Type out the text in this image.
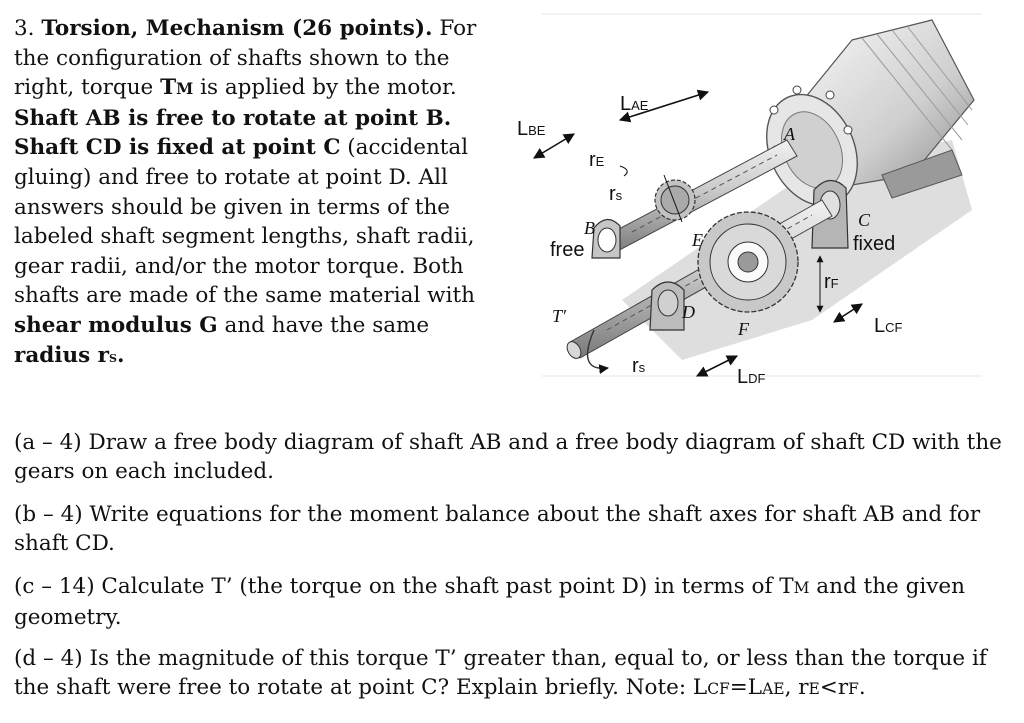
3. Torsion, Mechanism (26 points). For the configuration of shafts shown to the right, torque TM is applied by the motor. Shaft AB is free to rotate at point B. Shaft CD is fixed at point C (accidental gluing) and free to rotate at point D. All answers should be given in terms of the labeled shaft segment lengths, shaft radii, gear radii, and/or the motor torque. Both shafts are made of the same material with shear modulus G and have the same radius rs.
LAE
LBE
rE
rs
free	fixed
rF
LCF
LDF
rs
A
B	C
D
E
F
T′
(a – 4) Draw a free body diagram of shaft AB and a free body diagram of shaft CD with the gears on each included.
(b – 4) Write equations for the moment balance about the shaft axes for shaft AB and for shaft CD.
(c – 14) Calculate T’ (the torque on the shaft past point D) in terms of TM and the given geometry.
(d – 4) Is the magnitude of this torque T’ greater than, equal to, or less than the torque if the shaft were free to rotate at point C? Explain briefly. Note: LCF=LAE, rE<rF.
